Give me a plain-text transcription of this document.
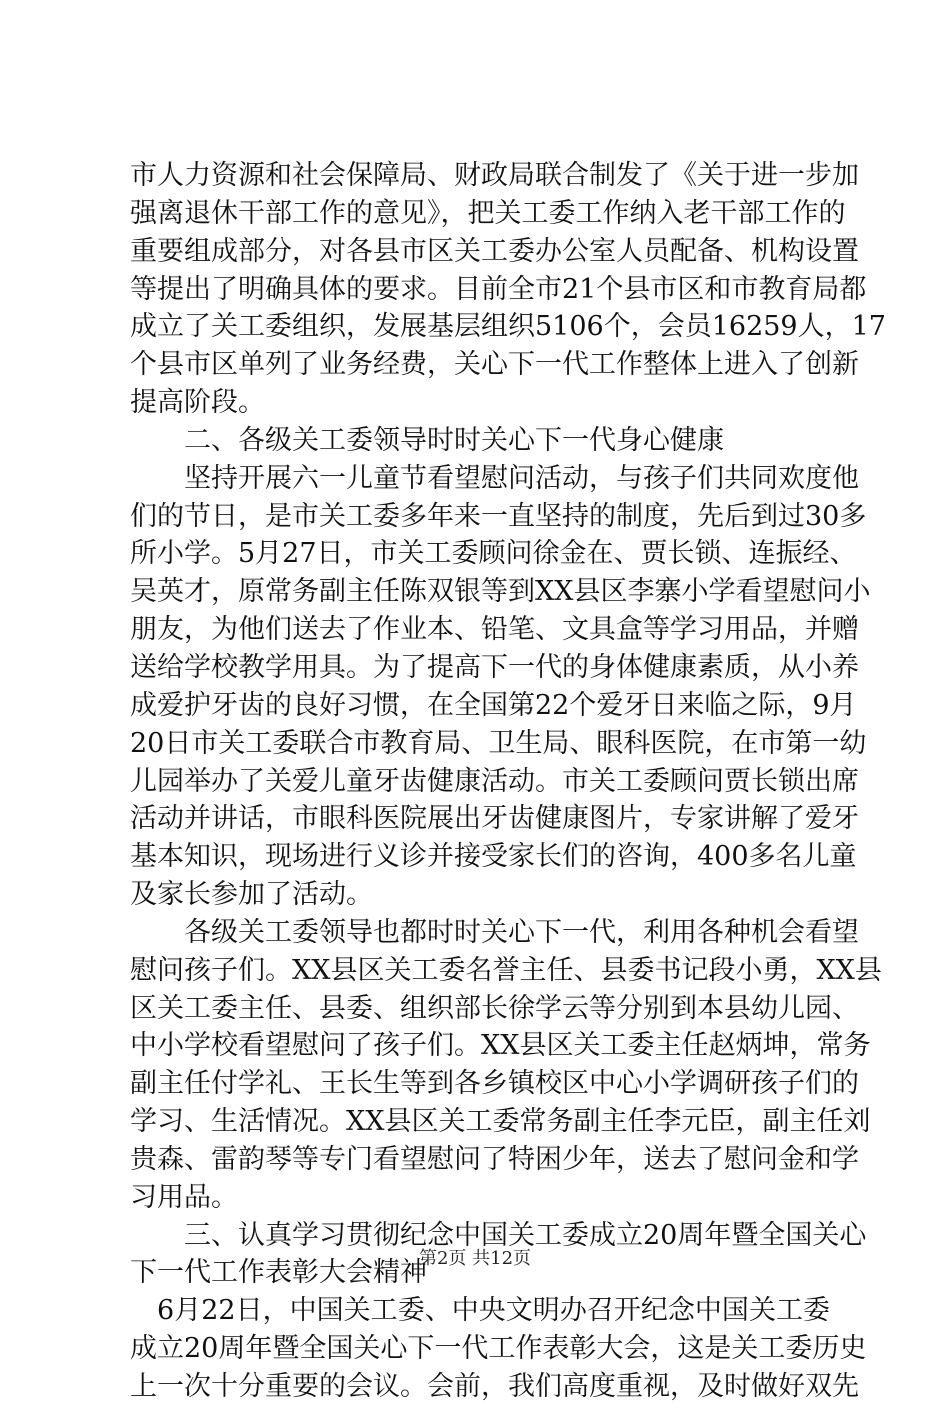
市人力资源和社会保障局、财政局联合制发了《关于进一步加
强离退休干部工作的意见》，把关工委工作纳入老干部工作的
重要组成部分，对各县市区关工委办公室人员配备、机构设置
等提出了明确具体的要求。目前全市21个县市区和市教育局都
成立了关工委组织，发展基层组织5106个，会员16259人，17
个县市区单列了业务经费，关心下一代工作整体上进入了创新
提高阶段。
二、各级关工委领导时时关心下一代身心健康
坚持开展六一儿童节看望慰问活动，与孩子们共同欢度他
们的节日，是市关工委多年来一直坚持的制度，先后到过30多
所小学。5月27日，市关工委顾问徐金在、贾长锁、连振经、
吴英才，原常务副主任陈双银等到XX县区李寨小学看望慰问小
朋友，为他们送去了作业本、铅笔、文具盒等学习用品，并赠
送给学校教学用具。为了提高下一代的身体健康素质，从小养
成爱护牙齿的良好习惯，在全国第22个爱牙日来临之际，9月
20日市关工委联合市教育局、卫生局、眼科医院，在市第一幼
儿园举办了关爱儿童牙齿健康活动。市关工委顾问贾长锁出席
活动并讲话，市眼科医院展出牙齿健康图片，专家讲解了爱牙
基本知识，现场进行义诊并接受家长们的咨询，400多名儿童
及家长参加了活动。
各级关工委领导也都时时关心下一代，利用各种机会看望
慰问孩子们。XX县区关工委名誉主任、县委书记段小勇，XX县
区关工委主任、县委、组织部长徐学云等分别到本县幼儿园、
中小学校看望慰问了孩子们。XX县区关工委主任赵炳坤，常务
副主任付学礼、王长生等到各乡镇校区中心小学调研孩子们的
学习、生活情况。XX县区关工委常务副主任李元臣，副主任刘
贵森、雷韵琴等专门看望慰问了特困少年，送去了慰问金和学
习用品。
三、认真学习贯彻纪念中国关工委成立20周年暨全国关心
下一代工作表彰大会精神
6月22日，中国关工委、中央文明办召开纪念中国关工委
成立20周年暨全国关心下一代工作表彰大会，这是关工委历史
上一次十分重要的会议。会前，我们高度重视，及时做好双先
第2页 共12页
